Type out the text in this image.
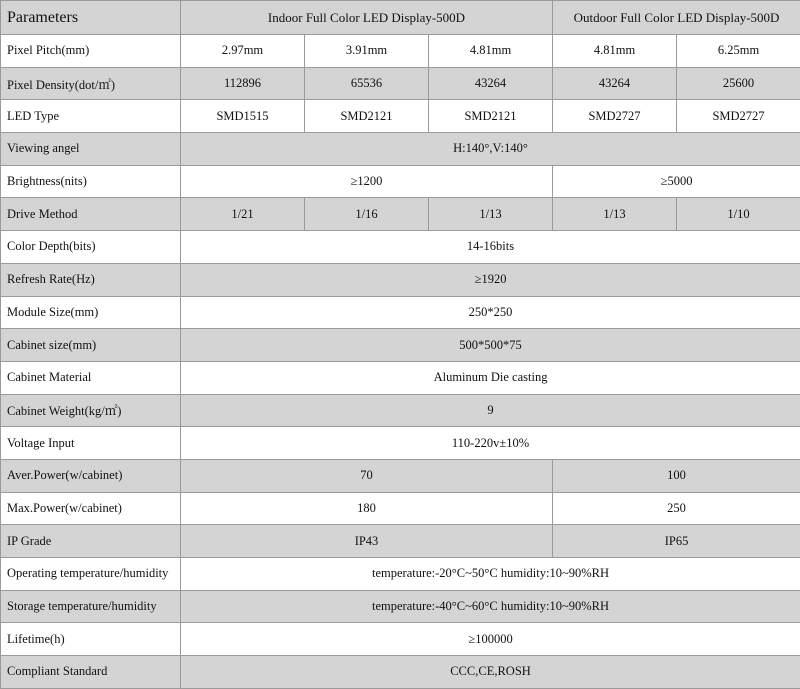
Parameters	Indoor Full Color LED Display-500D			Outdoor Full Color LED Display-500D	
Pixel Pitch(mm)	2.97mm	3.91mm	4.81mm	4.81mm	6.25mm
Pixel Density(dot/㎡)	112896	65536	43264	43264	25600
LED Type	SMD1515	SMD2121	SMD2121	SMD2727	SMD2727
Viewing angel	H:140°,V:140°				
Brightness(nits)	≥1200			≥5000	
Drive Method	1/21	1/16	1/13	1/13	1/10
Color Depth(bits)	14-16bits				
Refresh Rate(Hz)	≥1920				
Module Size(mm)	250*250				
Cabinet size(mm)	500*500*75				
Cabinet Material	Aluminum Die casting				
Cabinet Weight(kg/㎡)	9				
Voltage Input	110-220v±10%				
Aver.Power(w/cabinet)	70			100	
Max.Power(w/cabinet)	180			250	
IP Grade	IP43			IP65	
Operating temperature/humidity	temperature:-20°C~50°C humidity:10~90%RH				
Storage temperature/humidity	temperature:-40°C~60°C humidity:10~90%RH				
Lifetime(h)	≥100000				
Compliant Standard	CCC,CE,ROSH				
